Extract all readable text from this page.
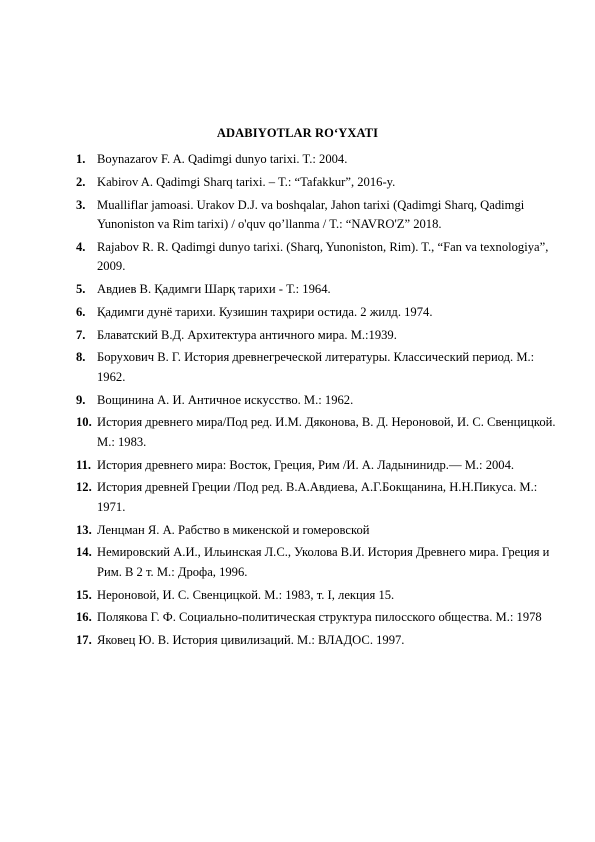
ADABIYOTLAR RO‘YXATI
1. Boynazarov F. A. Qadimgi dunyo tarixi. T.: 2004.
2. Kabirov A. Qadimgi Sharq tarixi. – T.: “Tafakkur”, 2016-y.
3. Mualliflar jamoasi. Urakov D.J. va boshqalar, Jahon tarixi (Qadimgi Sharq, Qadimgi Yunoniston va Rim tarixi) / o'quv qo’llanma / T.: “NAVRO'Z” 2018.
4. Rajabov R. R. Qadimgi dunyo tarixi. (Sharq, Yunoniston, Rim). T., “Fan va texnologiya”, 2009.
5. Авдиев В. Қадимги Шарқ тарихи - Т.: 1964.
6. Қадимги дунё тарихи. Кузишин таҳрири остида. 2 жилд. 1974.
7. Блаватский В.Д. Архитектура античного мира. М.:1939.
8. Борухович В. Г. История древнегреческой литературы. Классический период. М.: 1962.
9. Вощинина А. И. Античное искусство. М.: 1962.
10. История древнего мира/Под ред. И.М. Дяконова, В. Д. Нероновой, И. С. Свенцицкой. М.: 1983.
11. История древнего мира: Восток, Греция, Рим /И. А. Ладынинидр.— М.: 2004.
12. История древней Греции /Под ред. В.А.Авдиева, А.Г.Бокщанина, Н.Н.Пикуса. М.: 1971.
13. Ленцман Я. А. Рабство в микенской и гомеровской
14. Немировский А.И., Ильинская Л.С., Уколова В.И. История Древнего мира. Греция и Рим. В 2 т. М.: Дрофа, 1996.
15. Нероновой, И. С. Свенцицкой. М.: 1983, т. I, лекция 15.
16. Полякова Г. Ф. Социально-политическая структура пилосского общества. М.: 1978
17. Яковец Ю. В. История цивилизаций. М.: ВЛАДОС. 1997.
